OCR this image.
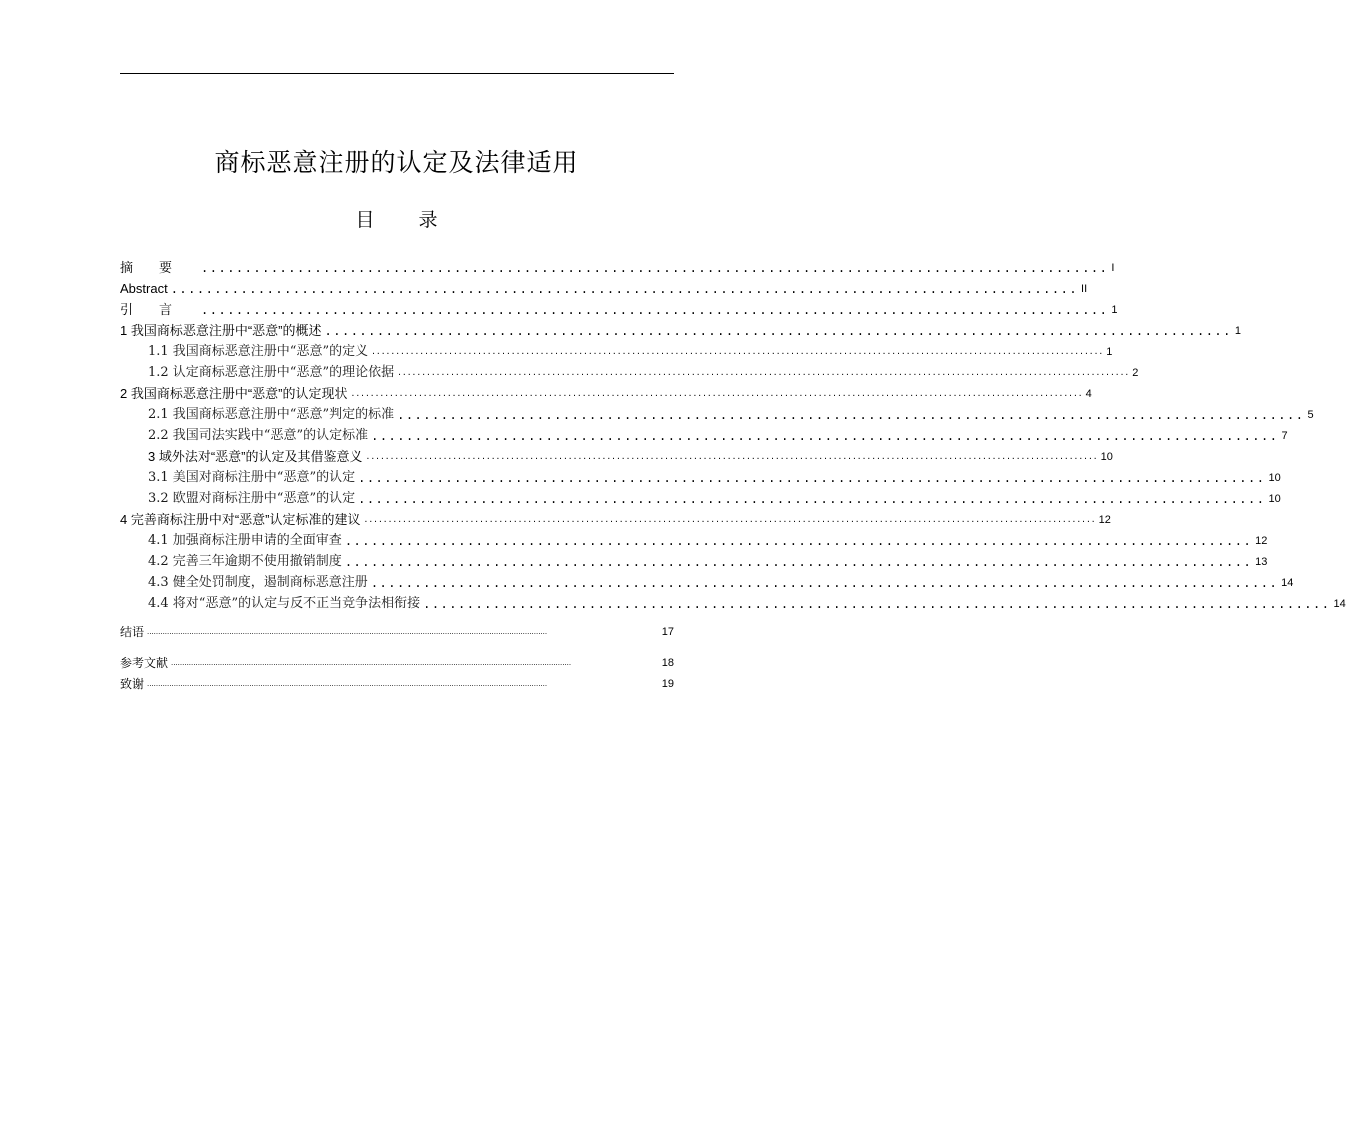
商标恶意注册的认定及法律适用
目 录
摘要 ........................................................................................................ I
Abstract ........................................................................................................ II
引言 ........................................................................................................ 1
1 我国商标恶意注册中“恶意”的概述 ........................................................................................................ 1
1.1 我国商标恶意注册中“恶意”的定义 ........................................................................................................................................................ 1
1.2 认定商标恶意注册中“恶意”的理论依据 ........................................................................................................................................................ 2
2 我国商标恶意注册中“恶意”的认定现状 ........................................................................................................................................................ 4
2.1 我国商标恶意注册中“恶意”判定的标准 ........................................................................................................ 5
2.2 我国司法实践中“恶意”的认定标准 ........................................................................................................ 7
3 域外法对“恶意”的认定及其借鉴意义 ........................................................................................................................................................ 10
3.1 美国对商标注册中“恶意”的认定 ........................................................................................................ 10
3.2 欧盟对商标注册中“恶意”的认定 ........................................................................................................ 10
4 完善商标注册中对“恶意”认定标准的建议 ........................................................................................................................................................ 12
4.1 加强商标注册申请的全面审查 ........................................................................................................ 12
4.2 完善三年逾期不使用撤销制度 ........................................................................................................ 13
4.3 健全处罚制度，遏制商标恶意注册 ........................................................................................................ 14
4.4 将对“恶意”的认定与反不正当竞争法相衔接 ........................................................................................................ 14
结语 ....................................................................................................................................................................................	17
参考文献 ....................................................................................................................................................................................	18
致谢 ....................................................................................................................................................................................	19
